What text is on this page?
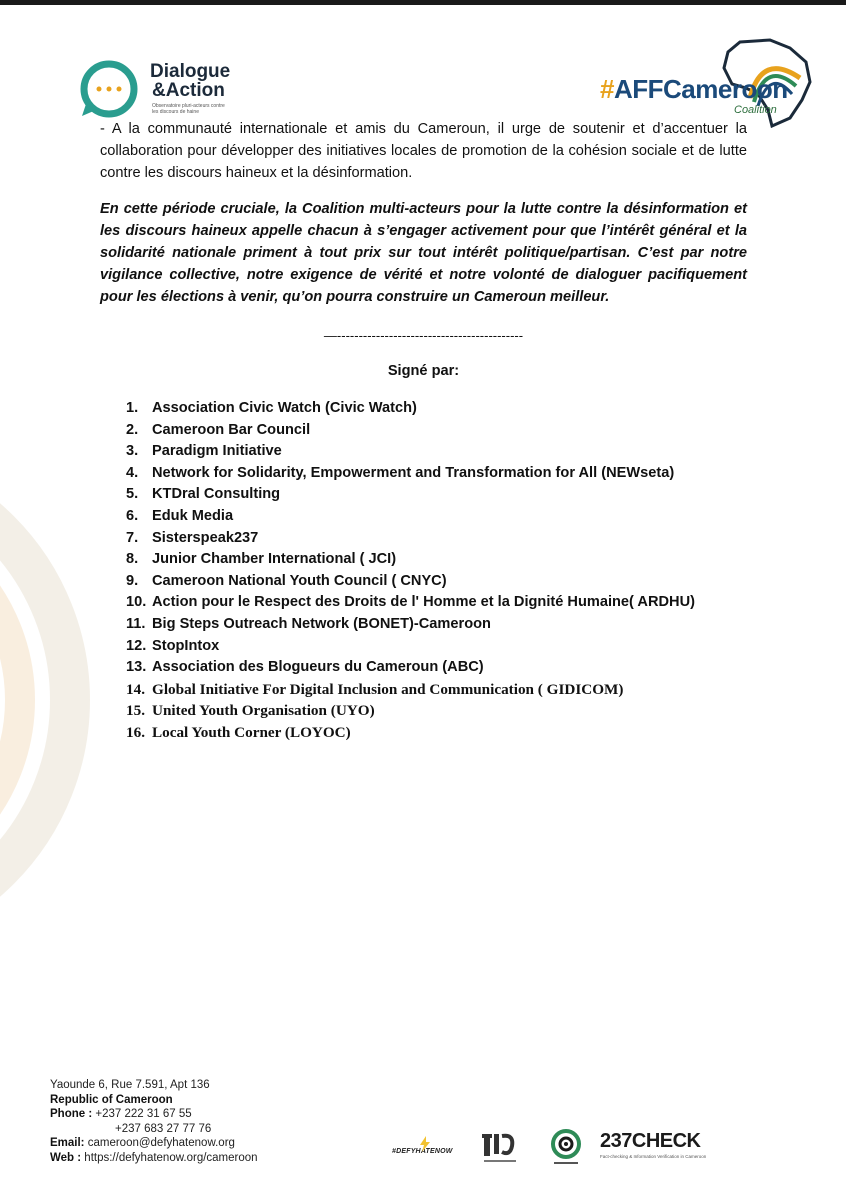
Dialogue
&Action
Observatoire pluri-acteurs contre les discours de haine
#AFFCameroon
Coalition

- A la communauté internationale et amis du Cameroun, il urge de soutenir et d’accentuer la collaboration pour développer des initiatives locales de promotion de la cohésion sociale et de lutte contre les discours haineux et la désinformation.

En cette période cruciale, la Coalition multi-acteurs pour la lutte contre la désinformation et les discours haineux appelle chacun à s’engager activement pour que l’intérêt général et la solidarité nationale priment à tout prix sur tout intérêt politique/partisan. C’est par notre vigilance collective, notre exigence de vérité et notre volonté de dialoguer pacifiquement pour les élections à venir, qu’on pourra construire un Cameroun meilleur.

—-------------------------------------------
Signé par:
1. Association Civic Watch (Civic Watch)
2. Cameroon Bar Council
3. Paradigm Initiative
4. Network for Solidarity, Empowerment and Transformation for All (NEWseta)
5. KTDral Consulting
6. Eduk Media
7. Sisterspeak237
8. Junior Chamber International ( JCI)
9. Cameroon National Youth Council ( CNYC)
10. Action pour le Respect des Droits de l' Homme et la Dignité Humaine( ARDHU)
11. Big Steps Outreach Network (BONET)-Cameroon
12. StopIntox
13. Association des Blogueurs du Cameroun (ABC)
14. Global Initiative For Digital Inclusion and Communication ( GIDICOM)
15. United Youth Organisation (UYO)
16. Local Youth Corner (LOYOC)
Yaounde 6, Rue 7.591, Apt 136
Republic of Cameroon
Phone : +237 222 31 67 55
+237 683 27 77 76
Email: cameroon@defyhatenow.org
Web : https://defyhatenow.org/cameroon	#DEFYHATENOW	237CHECK
Fact-checking & Information Verification in Cameroon
